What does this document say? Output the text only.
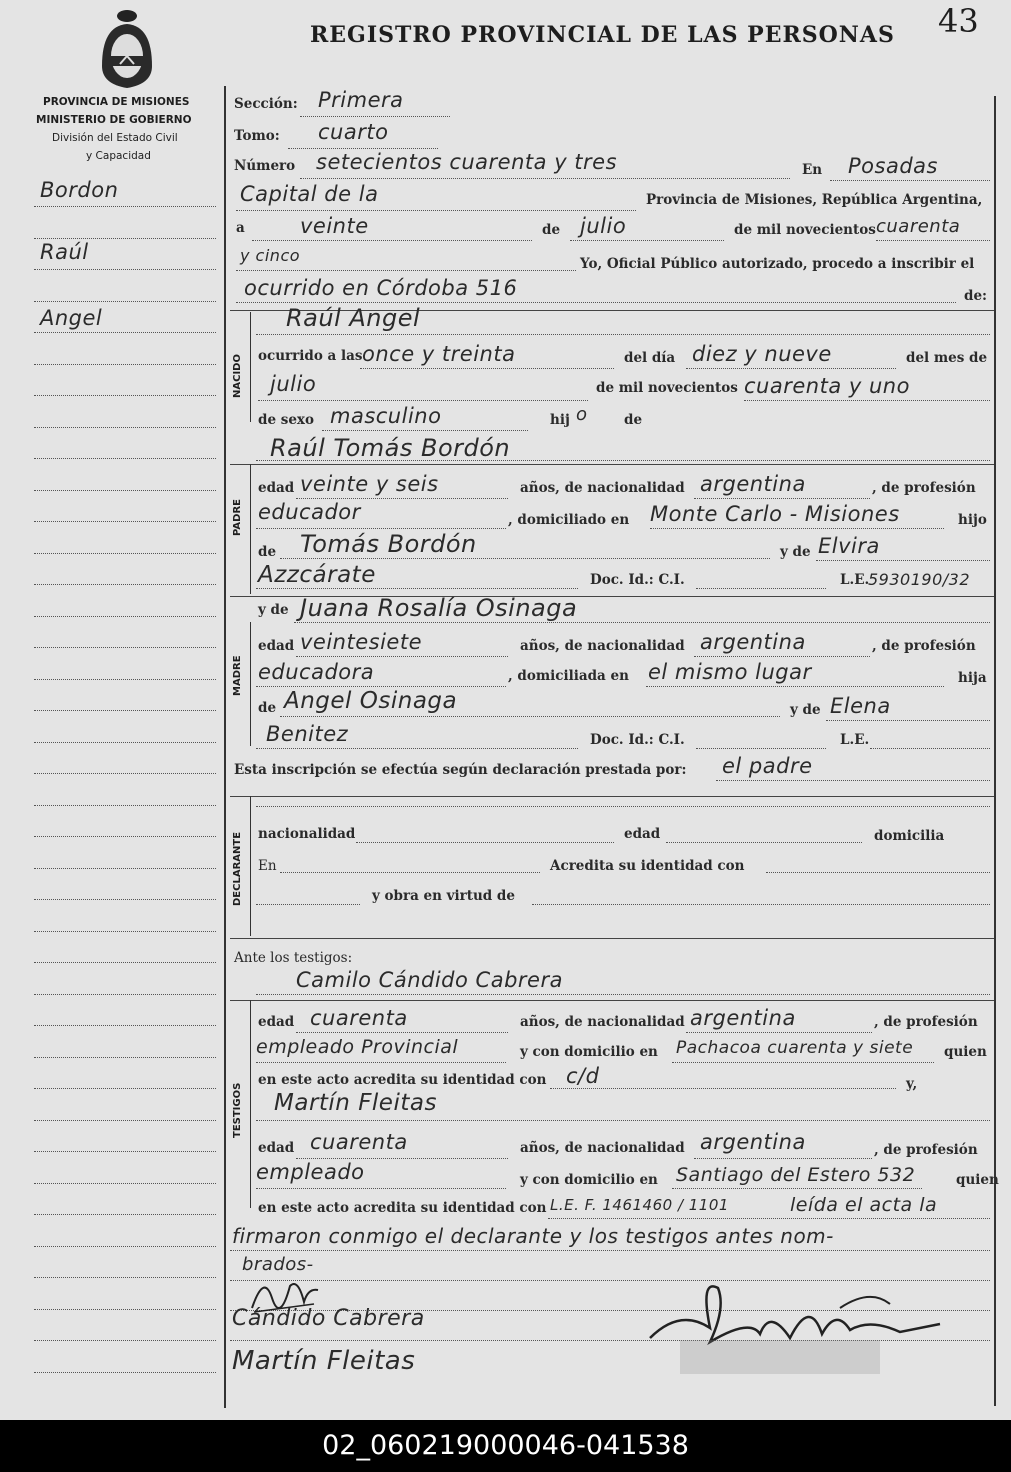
REGISTRO PROVINCIAL DE LAS PERSONAS 43
PROVINCIA DE MISIONES
MINISTERIO DE GOBIERNO
División del Estado Civil
y Capacidad
Bordon
Raúl
Angel
Sección: Primera
Tomo: cuarto
Número setecientos cuarenta y tres	En Posadas
Capital de la	Provincia de Misiones, República Argentina,
a	veinte	de julio	de mil novecientos cuarenta
y cinco	Yo, Oficial Público autorizado, procedo a inscribir el
ocurrido en Córdoba 516	de:
NACIDO
Raúl Angel
ocurrido a las once y treinta	del día diez y nueve	del mes de
julio	de mil novecientos cuarenta y uno
de sexo masculino	hij o	de
PADRE
Raúl Tomás Bordón
edad veinte y seis	años, de nacionalidad argentina	, de profesión
educador	, domiciliado en Monte Carlo - Misiones	hijo
de Tomás Bordón	y de Elvira
Azzcárate	Doc. Id.: C.I.	L.E.
5930190/32
MADRE
y de Juana Rosalía Osinaga
edad veintesiete	años, de nacionalidad argentina	, de profesión
educadora	, domiciliada en el mismo lugar	hija
de Angel Osinaga	y de Elena
Benitez	Doc. Id.: C.I.	L.E.
Esta inscripción se efectúa según declaración prestada por: el padre
DECLARANTE nacionalidad	edad	domicilia
En	Acredita su identidad con
y obra en virtud de
Ante los testigos:
TESTIGOS
Camilo Cándido Cabrera
edad cuarenta	años, de nacionalidad argentina	, de profesión
empleado Provincial	y con domicilio en Pachacoa cuarenta y siete quien
en este acto acredita su identidad con c/d	y,
Martín Fleitas
edad cuarenta	años, de nacionalidad argentina	, de profesión
empleado	y con domicilio en Santiago del Estero 532	quien
en este acto acredita su identidad con L.E. F. 1461460 / 1101	leída el acta la
firmaron conmigo el declarante y los testigos antes nom-
brados-
Cándido Cabrera
Martín Fleitas
02_060219000046-041538
